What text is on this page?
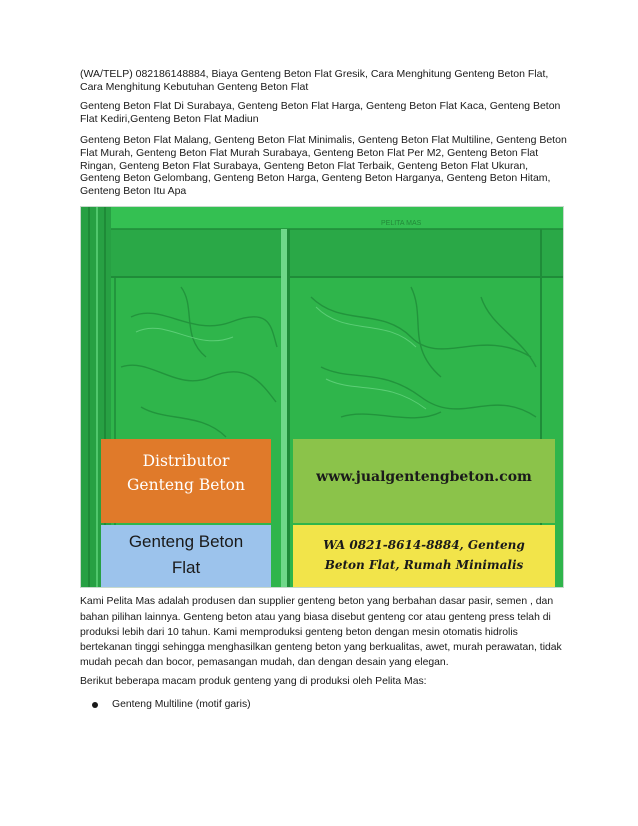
(WA/TELP) 082186148884, Biaya Genteng Beton Flat Gresik, Cara Menghitung Genteng Beton Flat, Cara Menghitung Kebutuhan Genteng Beton Flat

Genteng Beton Flat Di Surabaya, Genteng Beton Flat Harga, Genteng Beton Flat Kaca, Genteng Beton Flat Kediri,Genteng Beton Flat Madiun

Genteng Beton Flat Malang, Genteng Beton Flat Minimalis, Genteng Beton Flat Multiline, Genteng Beton Flat Murah, Genteng Beton Flat Murah Surabaya, Genteng Beton Flat Per M2, Genteng Beton Flat Ringan, Genteng Beton Flat Surabaya, Genteng Beton Flat Terbaik, Genteng Beton Flat Ukuran, Genteng Beton Gelombang, Genteng Beton Harga, Genteng Beton Harganya, Genteng Beton Hitam, Genteng Beton Itu Apa

PELITA MAS
Distributor
Genteng Beton	www.jualgentengbeton.com
Genteng Beton
Flat
WA 0821-8614-8884, Genteng
Beton Flat, Rumah Minimalis

Kami Pelita Mas adalah produsen dan supplier genteng beton yang berbahan dasar pasir, semen , dan bahan pilihan lainnya. Genteng beton atau yang biasa disebut genteng cor atau genteng press telah di produksi lebih dari 10 tahun. Kami memproduksi genteng beton dengan mesin otomatis hidrolis bertekanan tinggi sehingga menghasilkan genteng beton yang berkualitas, awet, murah perawatan, tidak mudah pecah dan bocor, pemasangan mudah, dan dengan desain yang elegan.

Berikut beberapa macam produk genteng yang di produksi oleh Pelita Mas:

Genteng Multiline (motif garis)
